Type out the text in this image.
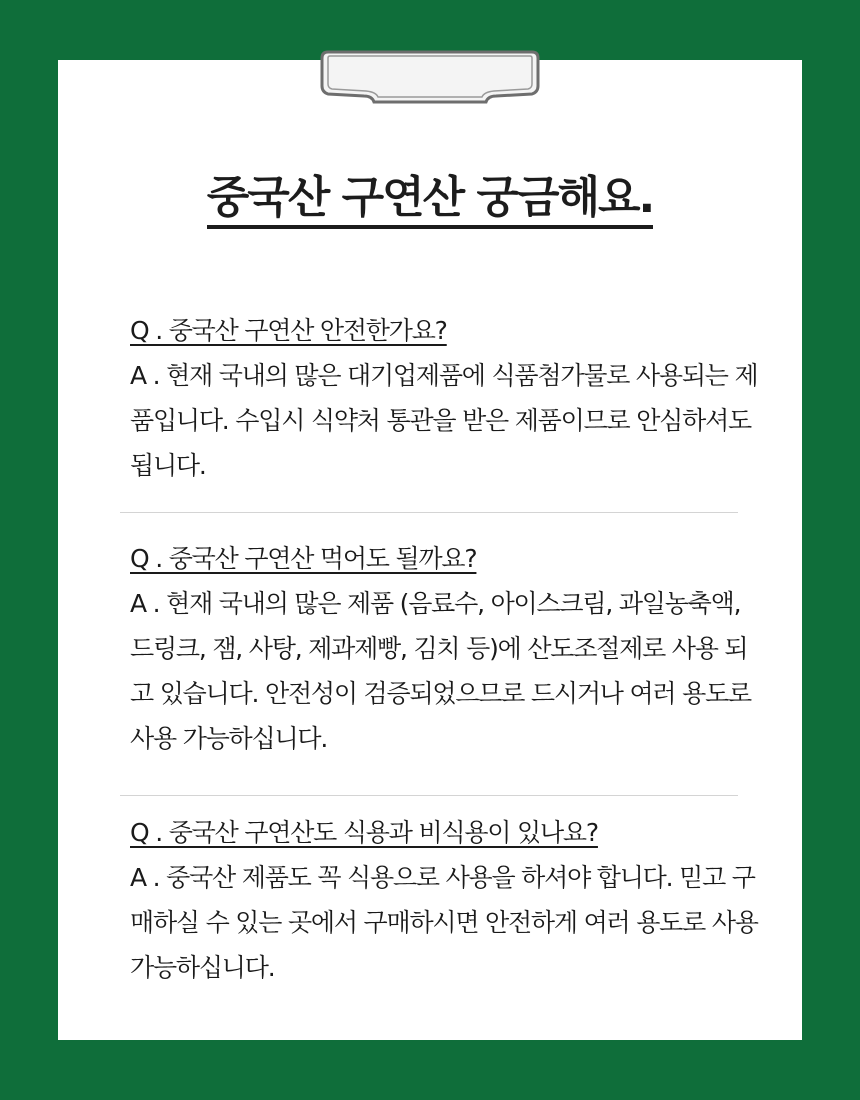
중국산 구연산 궁금해요.
Q . 중국산 구연산 안전한가요?

A . 현재 국내의 많은 대기업제품에 식품첨가물로 사용되는 제품입니다. 수입시 식약처 통관을 받은 제품이므로 안심하셔도 됩니다.

Q . 중국산 구연산 먹어도 될까요?

A . 현재 국내의 많은 제품 (음료수, 아이스크림, 과일농축액, 드링크, 잼, 사탕, 제과제빵, 김치 등)에 산도조절제로 사용 되고 있습니다. 안전성이 검증되었으므로 드시거나 여러 용도로 사용 가능하십니다.

Q . 중국산 구연산도 식용과 비식용이 있나요?

A . 중국산 제품도 꼭 식용으로 사용을 하셔야 합니다. 믿고 구매하실 수 있는 곳에서 구매하시면 안전하게 여러 용도로 사용 가능하십니다.
